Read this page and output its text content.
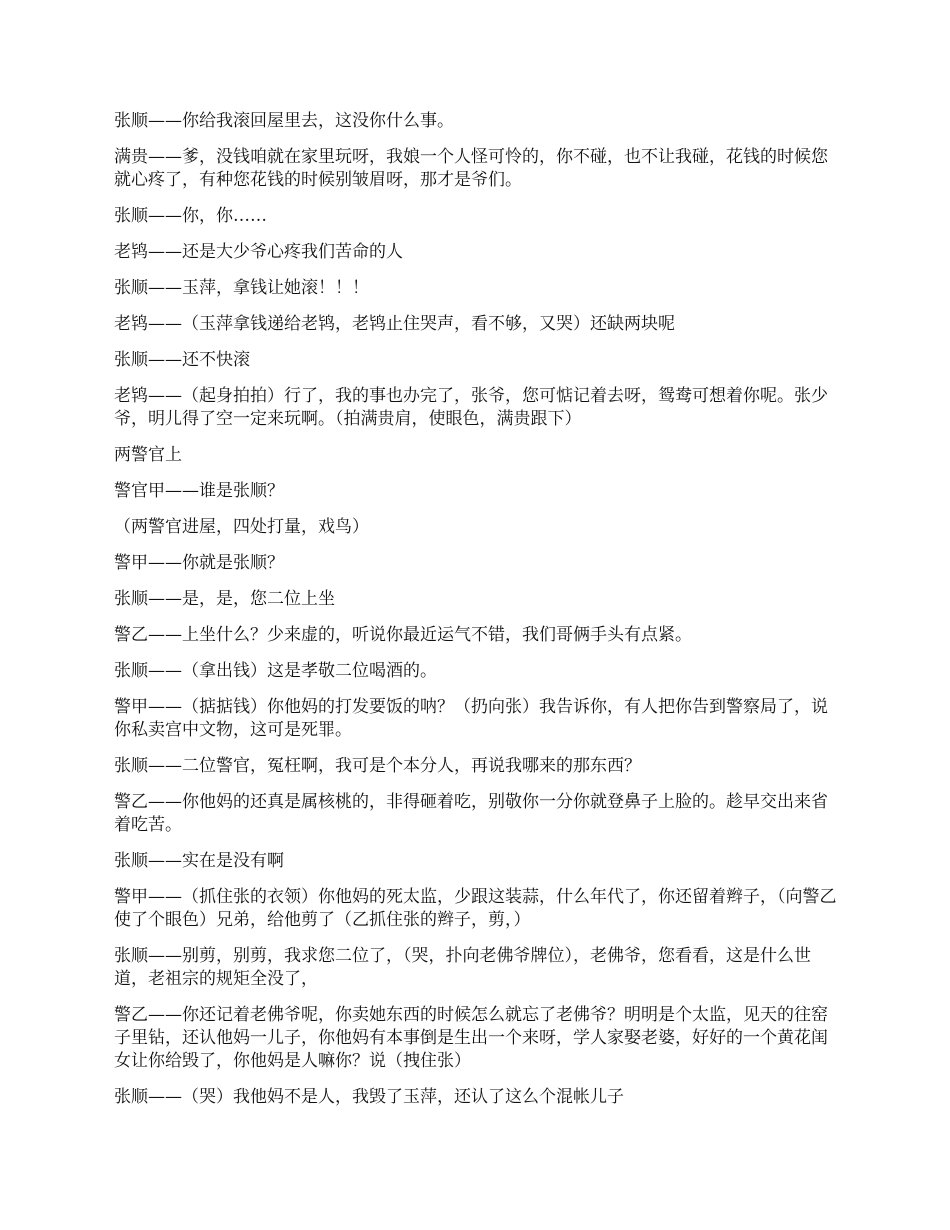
张顺——你给我滚回屋里去，这没你什么事。

满贵——爹，没钱咱就在家里玩呀，我娘一个人怪可怜的，你不碰，也不让我碰，花钱的时候您就心疼了，有种您花钱的时候别皱眉呀，那才是爷们。

张顺——你，你……

老鸨——还是大少爷心疼我们苦命的人

张顺——玉萍，拿钱让她滚！！！

老鸨——（玉萍拿钱递给老鸨，老鸨止住哭声，看不够，又哭）还缺两块呢

张顺——还不快滚

老鸨——（起身拍拍）行了，我的事也办完了，张爷，您可惦记着去呀，鸳鸯可想着你呢。张少爷，明儿得了空一定来玩啊。（拍满贵肩，使眼色，满贵跟下）

两警官上

警官甲——谁是张顺？

（两警官进屋，四处打量，戏鸟）

警甲——你就是张顺？

张顺——是，是，您二位上坐

警乙——上坐什么？少来虚的，听说你最近运气不错，我们哥俩手头有点紧。

张顺——（拿出钱）这是孝敬二位喝酒的。

警甲——（掂掂钱）你他妈的打发要饭的呐？（扔向张）我告诉你，有人把你告到警察局了，说你私卖宫中文物，这可是死罪。

张顺——二位警官，冤枉啊，我可是个本分人，再说我哪来的那东西？

警乙——你他妈的还真是属核桃的，非得砸着吃，别敬你一分你就登鼻子上脸的。趁早交出来省着吃苦。

张顺——实在是没有啊

警甲——（抓住张的衣领）你他妈的死太监，少跟这装蒜，什么年代了，你还留着辫子，（向警乙使了个眼色）兄弟，给他剪了（乙抓住张的辫子，剪，）

张顺——别剪，别剪，我求您二位了，（哭，扑向老佛爷牌位），老佛爷，您看看，这是什么世道，老祖宗的规矩全没了，

警乙——你还记着老佛爷呢，你卖她东西的时候怎么就忘了老佛爷？明明是个太监，见天的往窑子里钻，还认他妈一儿子，你他妈有本事倒是生出一个来呀，学人家娶老婆，好好的一个黄花闺女让你给毁了，你他妈是人嘛你？说（拽住张）

张顺——（哭）我他妈不是人，我毁了玉萍，还认了这么个混帐儿子
